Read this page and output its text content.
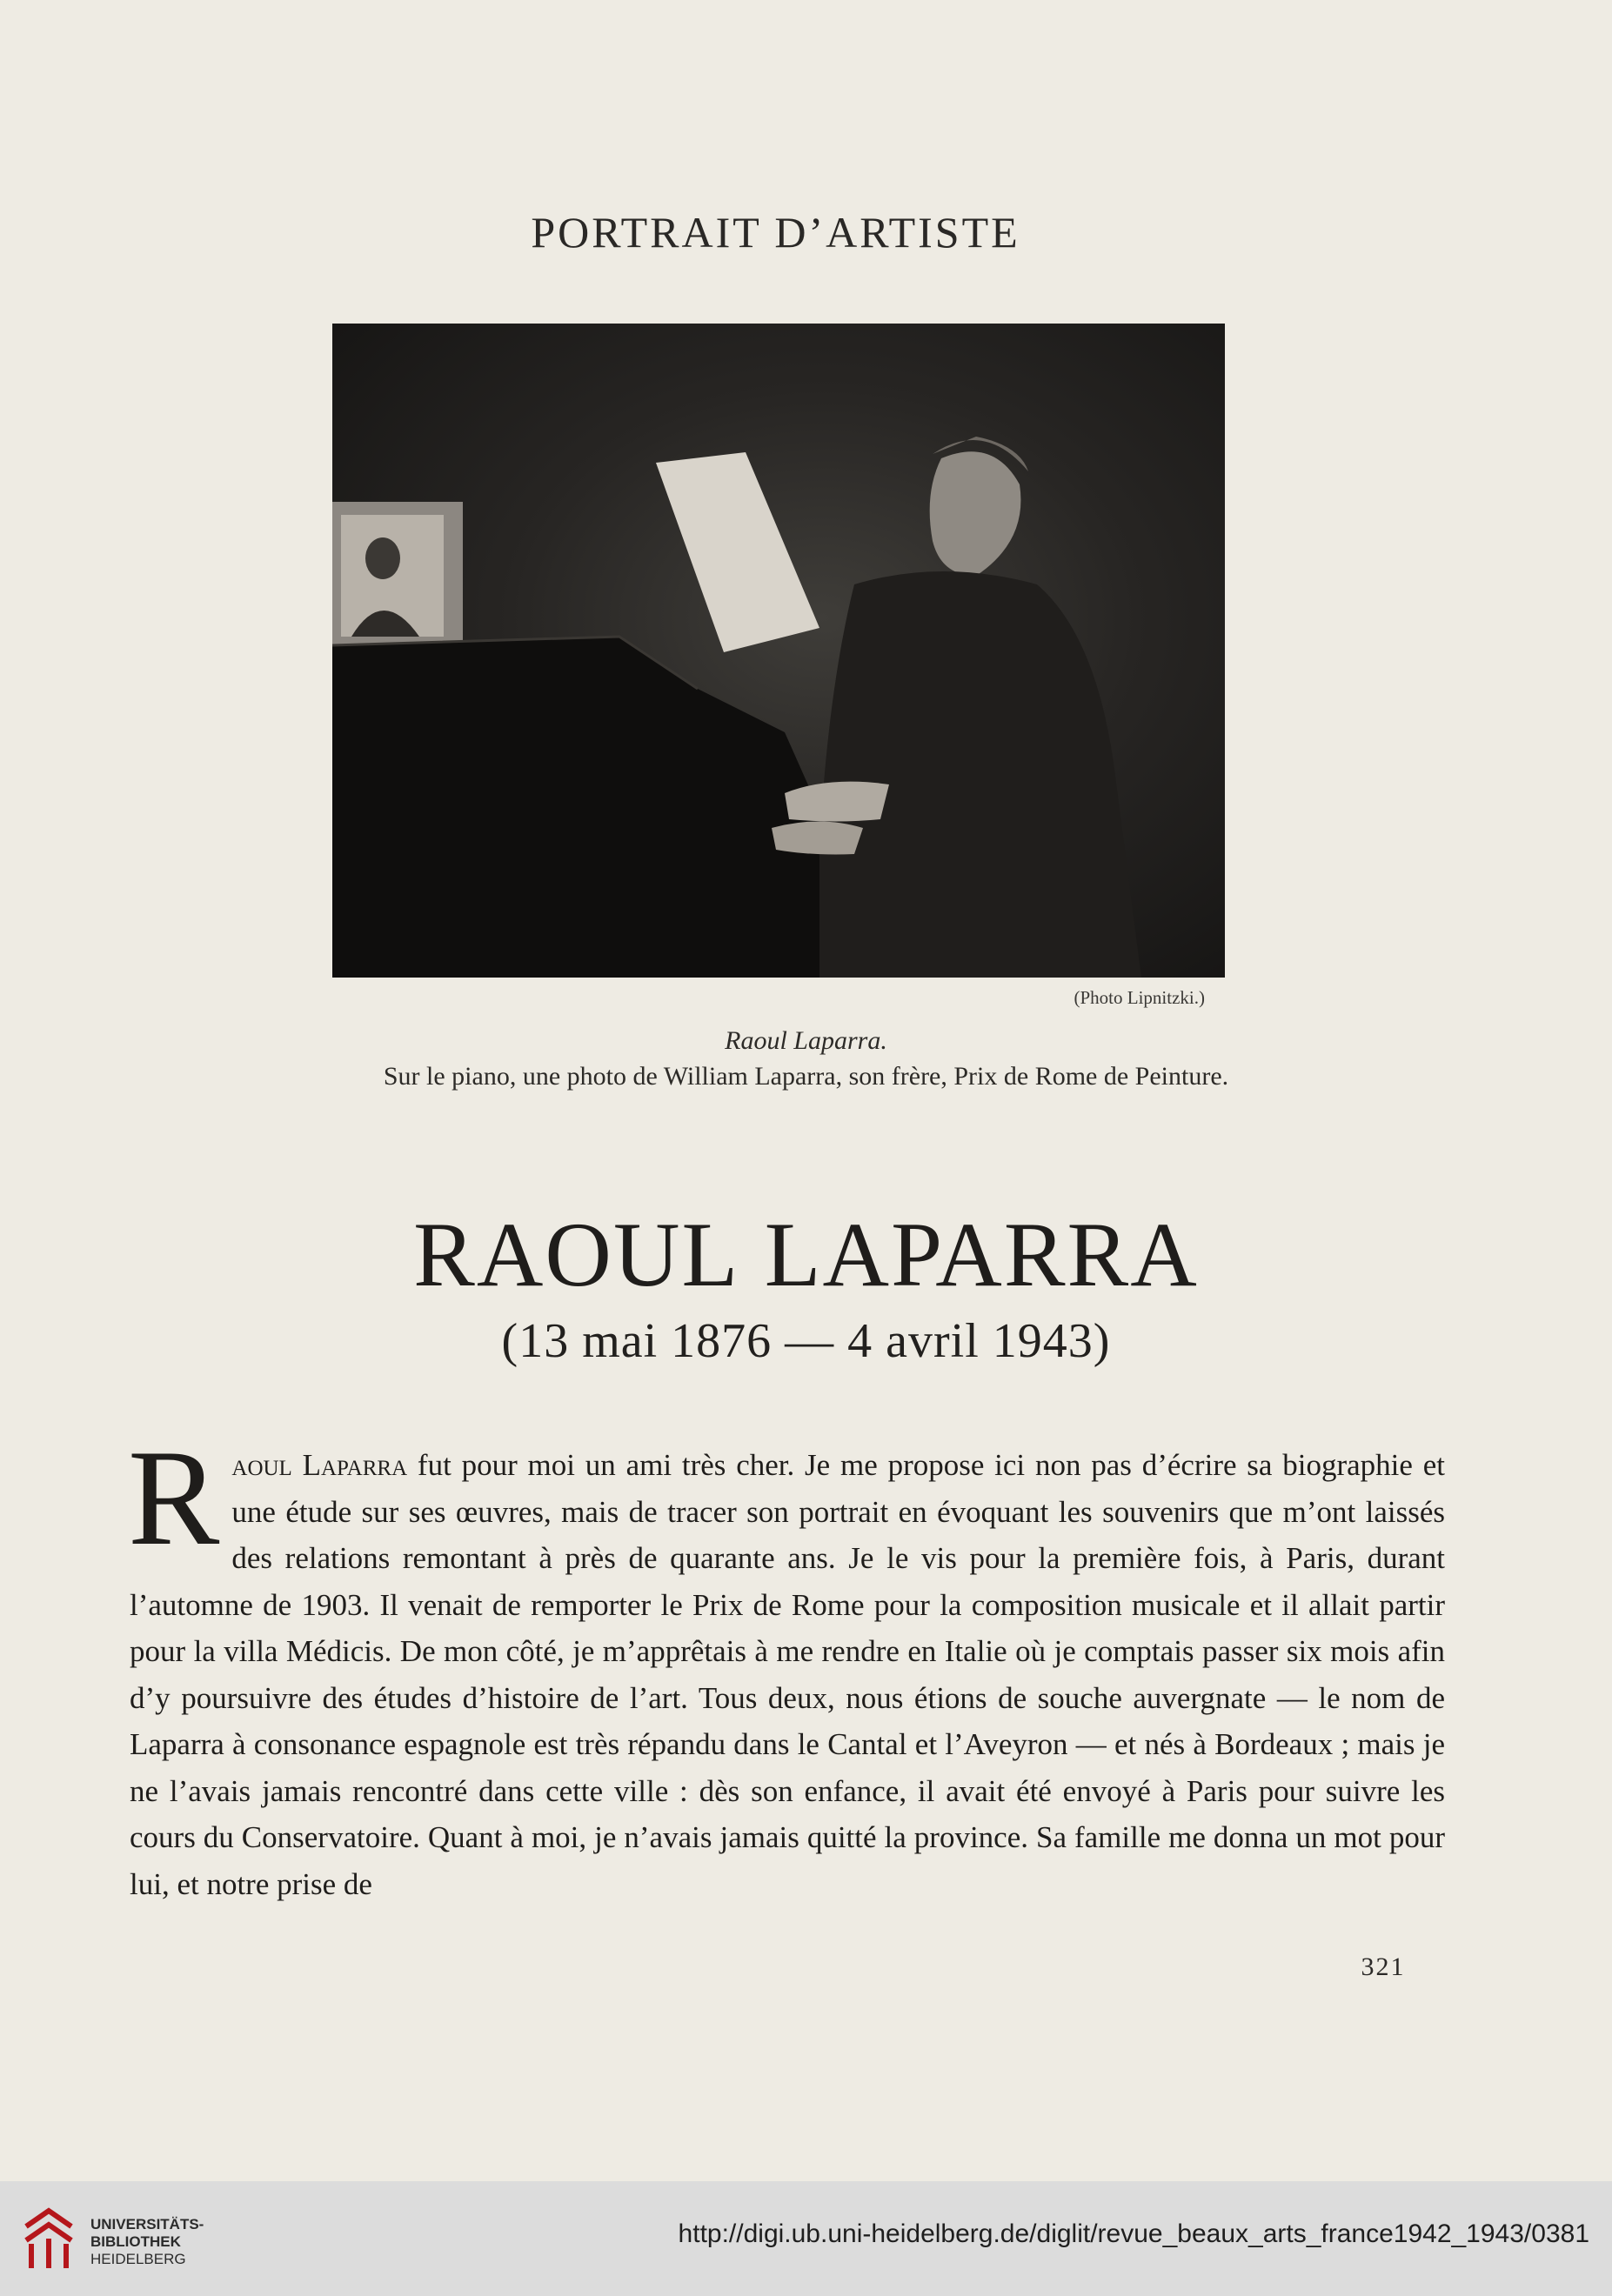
PORTRAIT D’ARTISTE
(Photo Lipnitzki.)
Raoul Laparra.
Sur le piano, une photo de William Laparra, son frère, Prix de Rome de Peinture.
RAOUL LAPARRA
(13 mai 1876 — 4 avril 1943)
Raoul Laparra fut pour moi un ami très cher. Je me propose ici non pas d’écrire sa biographie et une étude sur ses œuvres, mais de tracer son portrait en évoquant les souvenirs que m’ont laissés des relations remontant à près de quarante ans. Je le vis pour la première fois, à Paris, durant l’automne de 1903. Il venait de remporter le Prix de Rome pour la composition musicale et il allait partir pour la villa Médicis. De mon côté, je m’apprêtais à me rendre en Italie où je comptais passer six mois afin d’y poursuivre des études d’histoire de l’art. Tous deux, nous étions de souche auvergnate — le nom de Laparra à consonance espagnole est très répandu dans le Cantal et l’Aveyron — et nés à Bordeaux ; mais je ne l’avais jamais rencontré dans cette ville : dès son enfance, il avait été envoyé à Paris pour suivre les cours du Conservatoire. Quant à moi, je n’avais jamais quitté la province. Sa famille me donna un mot pour lui, et notre prise de
321
UNIVERSITÄTS-
BIBLIOTHEK
HEIDELBERG
http://digi.ub.uni-heidelberg.de/diglit/revue_beaux_arts_france1942_1943/0381
